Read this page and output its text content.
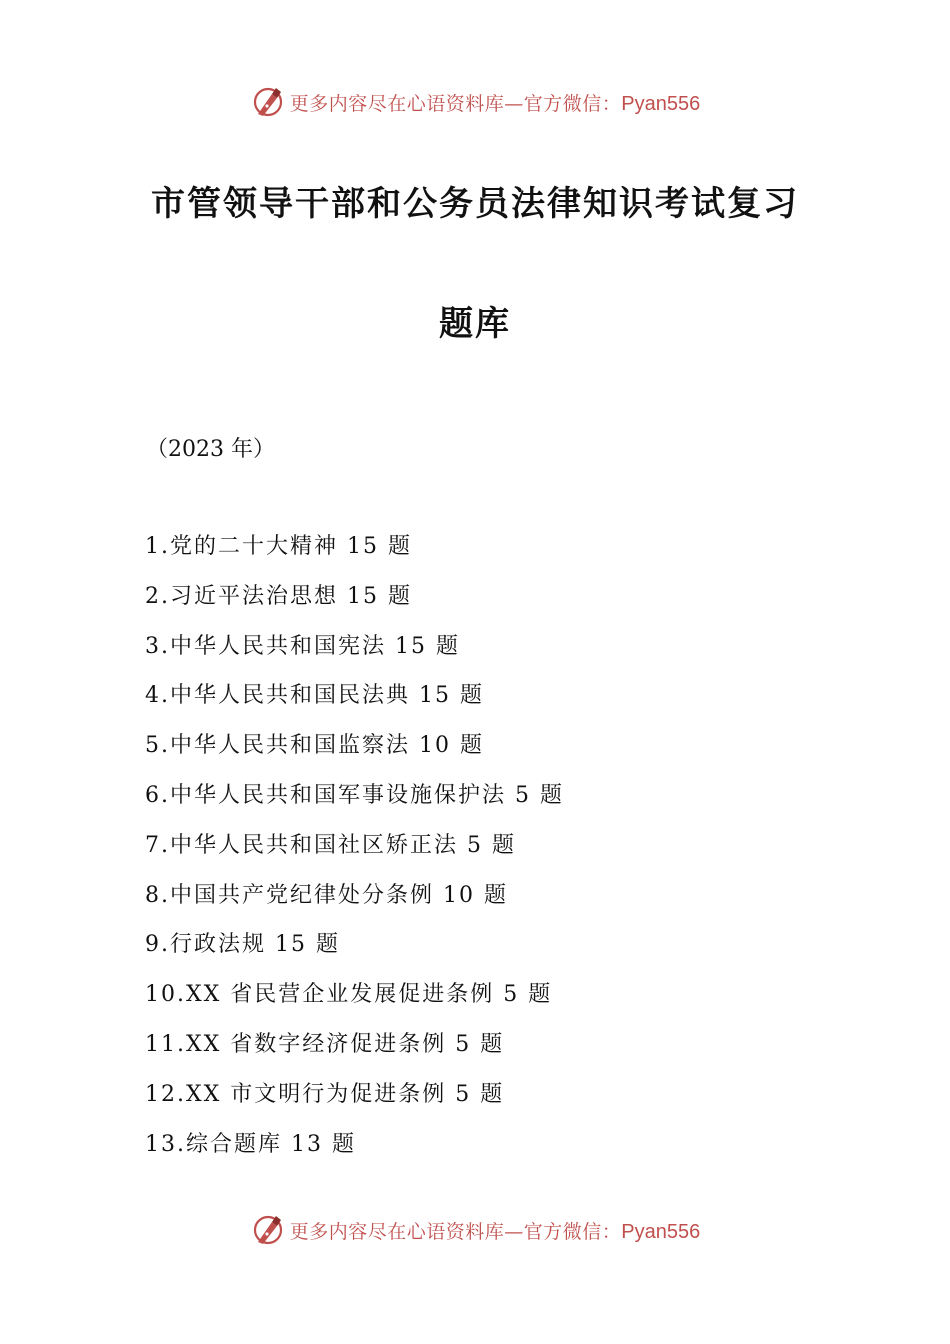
更多内容尽在心语资料库—官方微信：Pyan556
市管领导干部和公务员法律知识考试复习
题库
（2023 年）
1.党的二十大精神 15 题
2.习近平法治思想 15 题
3.中华人民共和国宪法 15 题
4.中华人民共和国民法典 15 题
5.中华人民共和国监察法 10 题
6.中华人民共和国军事设施保护法 5 题
7.中华人民共和国社区矫正法 5 题
8.中国共产党纪律处分条例 10 题
9.行政法规 15 题
10.XX 省民营企业发展促进条例 5 题
11.XX 省数字经济促进条例 5 题
12.XX 市文明行为促进条例 5 题
13.综合题库 13 题
更多内容尽在心语资料库—官方微信：Pyan556
